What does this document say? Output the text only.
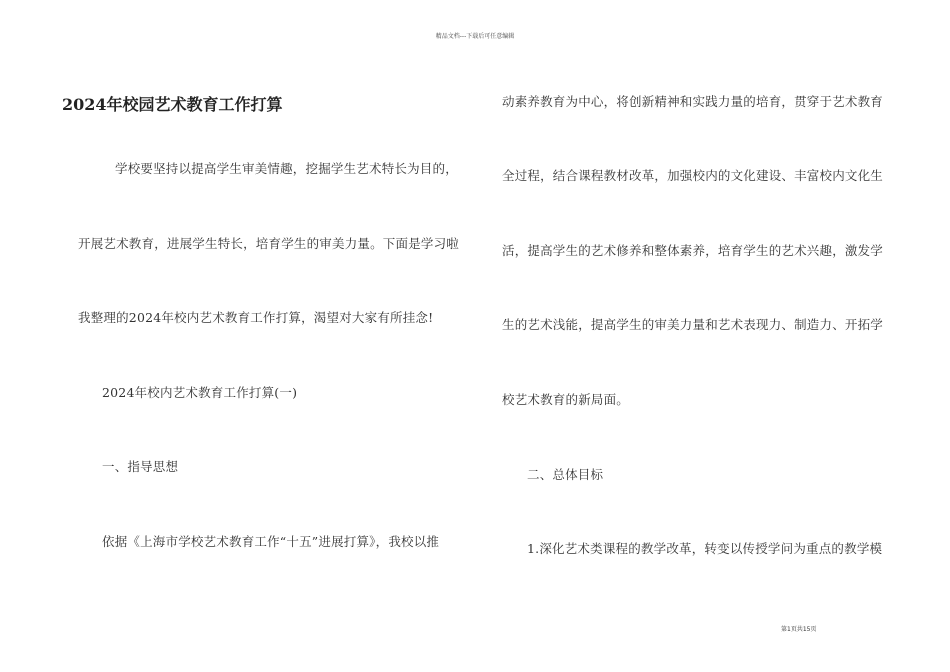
精品文档---下载后可任意编辑
2024年校园艺术教育工作打算
学校要坚持以提高学生审美情趣，挖掘学生艺术特长为目的，
开展艺术教育，进展学生特长，培育学生的审美力量。下面是学习啦
我整理的2024年校内艺术教育工作打算，渴望对大家有所挂念!
2024年校内艺术教育工作打算(一)
一、指导思想
依据《上海市学校艺术教育工作“十五”进展打算》，我校以推
动素养教育为中心，将创新精神和实践力量的培育，贯穿于艺术教育
全过程，结合课程教材改革，加强校内的文化建设、丰富校内文化生
活，提高学生的艺术修养和整体素养，培育学生的艺术兴趣，激发学
生的艺术浅能，提高学生的审美力量和艺术表现力、制造力、开拓学
校艺术教育的新局面。
二、总体目标
1.深化艺术类课程的教学改革，转变以传授学问为重点的教学模
第1页共15页
